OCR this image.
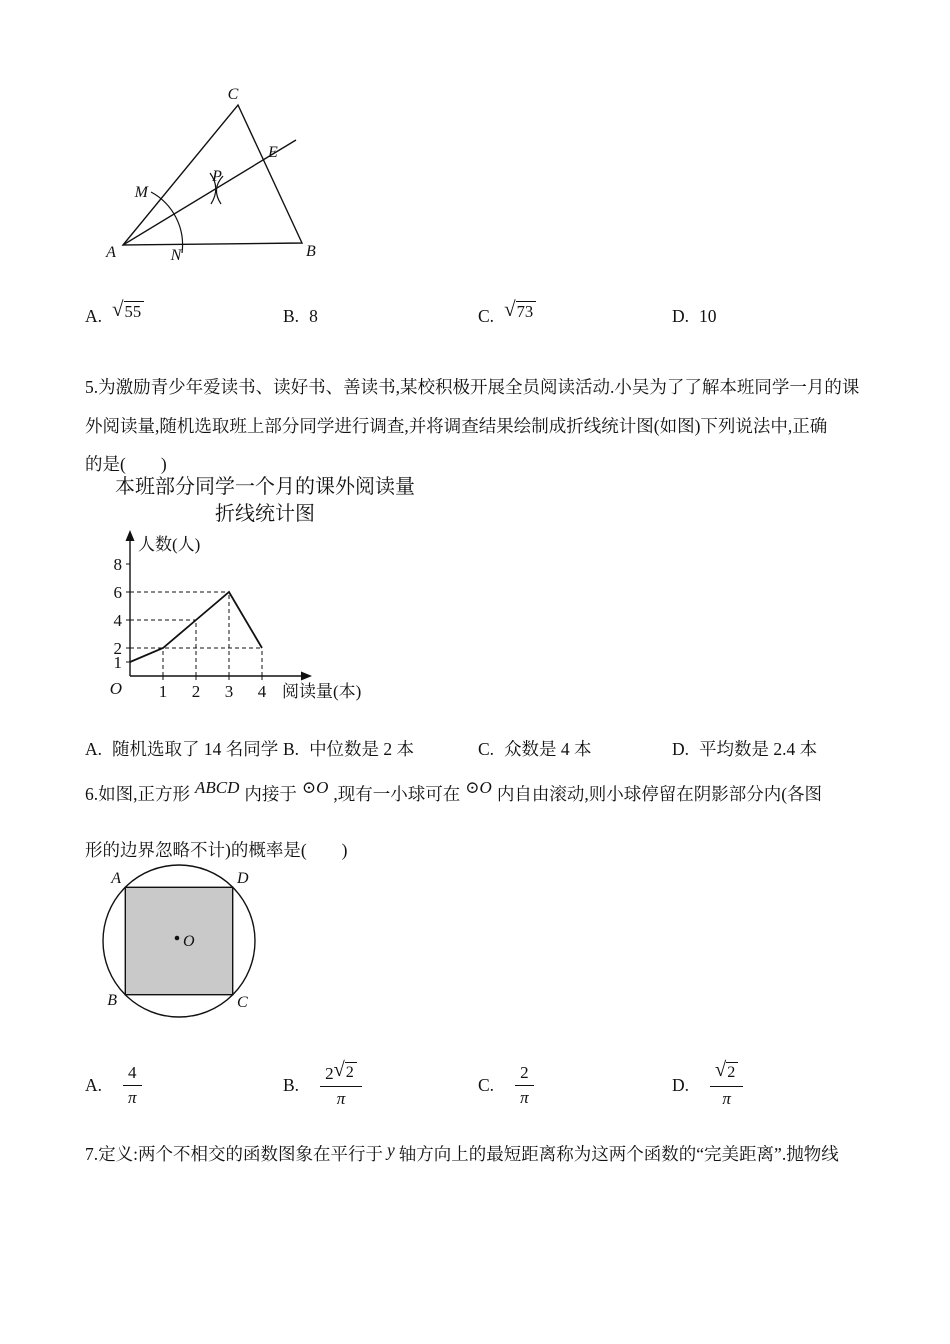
C
E
P
M
A	N	B
A. √ 55	B. 8	C. √ 73	D. 10
5.为激励青少年爱读书、读好书、善读书,某校积极开展全员阅读活动.小吴为了了解本班同学一月的课
外阅读量,随机选取班上部分同学进行调查,并将调查结果绘制成折线统计图(如图)下列说法中,正确
的是(　　)
本班部分同学一个月的课外阅读量
折线统计图
1
2
4
6
8
1 2 3 4
O
人数(人)
阅读量(本)
A. 随机选取了 14 名同学 B. 中位数是 2 本	C. 众数是 4 本	D. 平均数是 2.4 本
6.如图,正方形 ABCD 内接于 ⊙O ,现有一小球可在 ⊙O 内自由滚动,则小球停留在阴影部分内(各图
形的边界忽略不计)的概率是(　　)
O
A	D
B	C
A. $\frac{4}{\pi}$	B. $\frac{2 √ 2}{\pi}$	C. $\frac{2}{\pi}$	D. $\frac{√ 2}{\pi}$
7.定义:两个不相交的函数图象在平行于 y 轴方向上的最短距离称为这两个函数的“完美距离”.抛物线
